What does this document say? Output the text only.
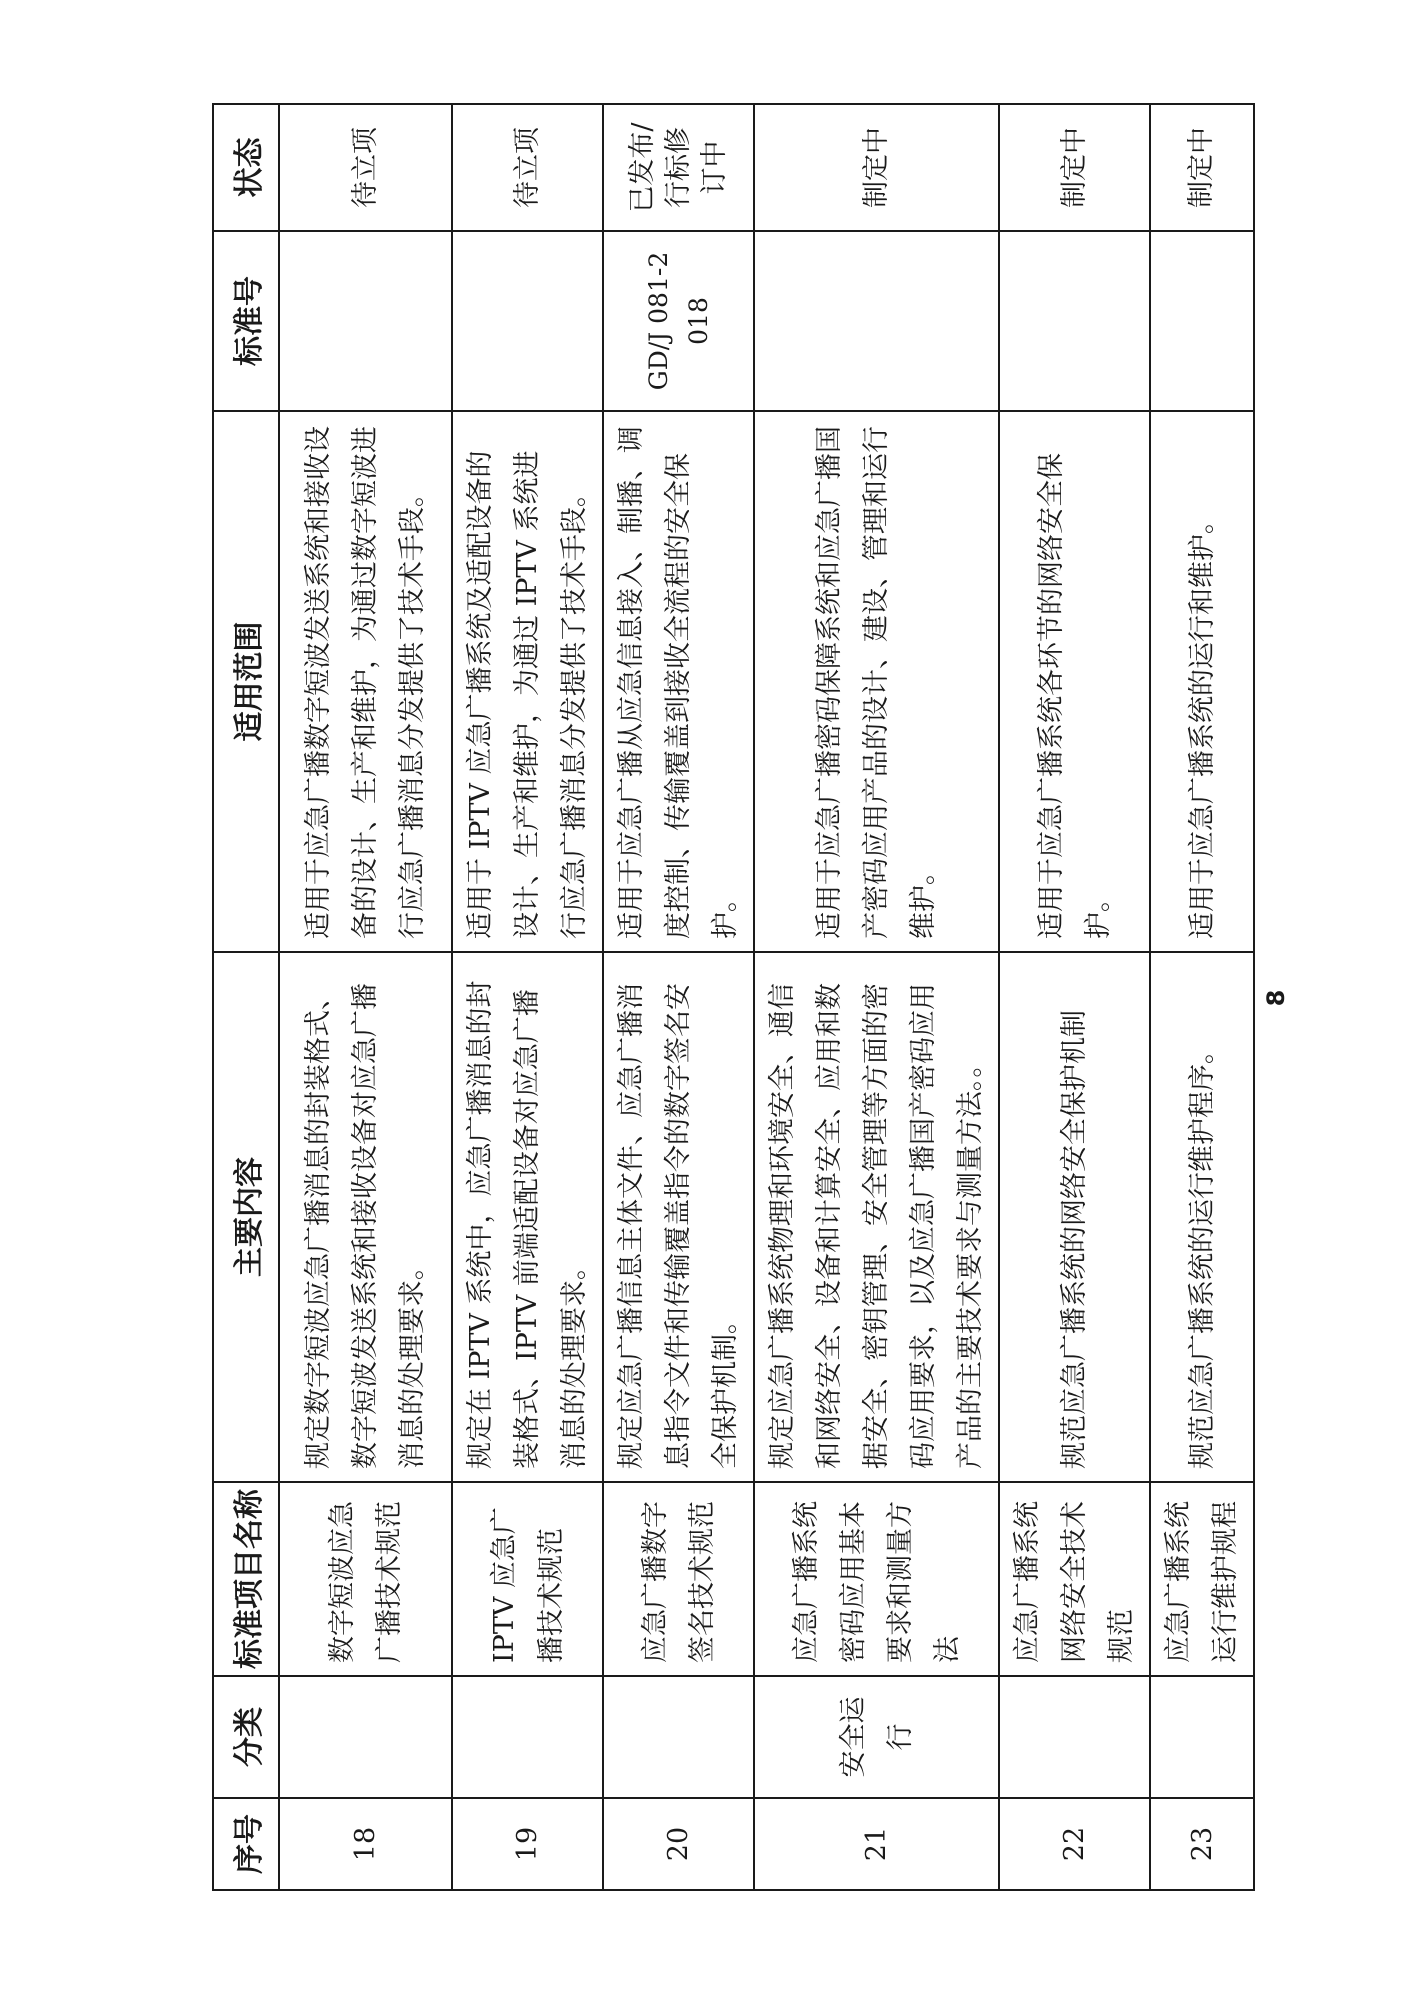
序号	分类	标准项目名称	主要内容	适用范围	标准号	状态
18		数字短波应急广播技术规范	规定数字短波应急广播消息的封装格式、数字短波发送系统和接收设备对应急广播消息的处理要求。	适用于应急广播数字短波发送系统和接收设备的设计、生产和维护，为通过数字短波进行应急广播消息分发提供了技术手段。		待立项
19		IPTV 应急广播技术规范	规定在 IPTV 系统中，应急广播消息的封装格式、IPTV 前端适配设备对应急广播消息的处理要求。	适用于 IPTV 应急广播系统及适配设备的设计、生产和维护，为通过 IPTV 系统进行应急广播消息分发提供了技术手段。		待立项
20		应急广播数字签名技术规范	规定应急广播信息主体文件、应急广播消息指令文件和传输覆盖指令的数字签名安全保护机制。	适用于应急广播从应急信息接入、制播、调度控制、传输覆盖到接收全流程的安全保护。	GD/J 081-2018	已发布/行标修订中
21	安全运行	应急广播系统密码应用基本要求和测量方法	规定应急广播系统物理和环境安全、通信和网络安全、设备和计算安全、应用和数据安全、密钥管理、安全管理等方面的密码应用要求，以及应急广播国产密码应用产品的主要技术要求与测量方法。。	适用于应急广播密码保障系统和应急广播国产密码应用产品的设计、建设、管理和运行维护。		制定中
22		应急广播系统网络安全技术规范	规范应急广播系统的网络安全保护机制	适用于应急广播系统各环节的网络安全保护。		制定中
23		应急广播系统运行维护规程	规范应急广播系统的运行维护程序。	适用于应急广播系统的运行和维护。		制定中
8
